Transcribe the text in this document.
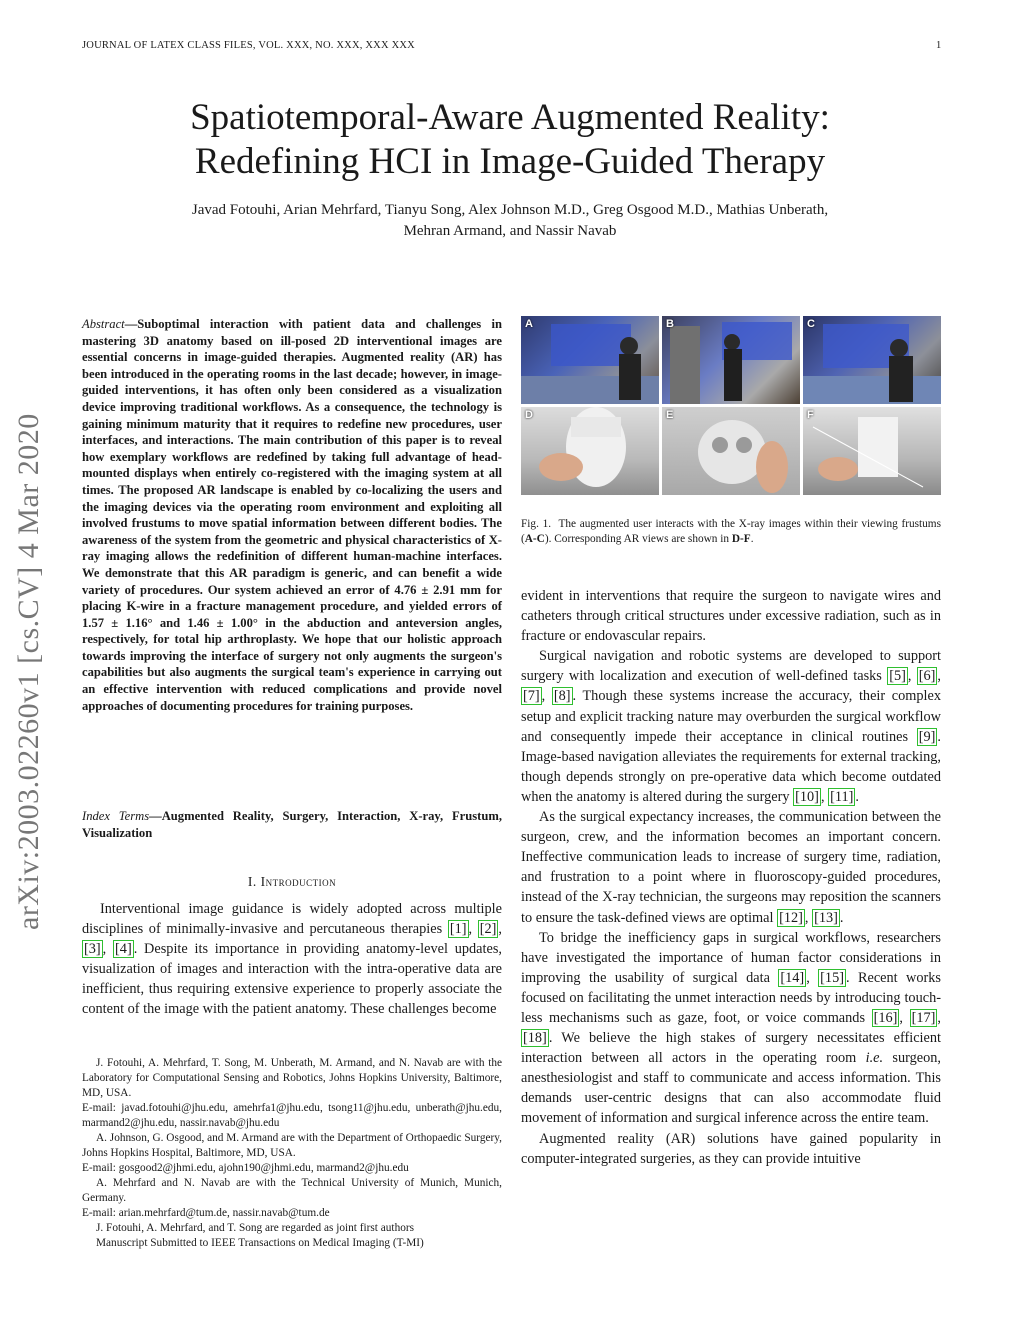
JOURNAL OF LATEX CLASS FILES, VOL. XXX, NO. XXX, XXX XXX	1
Spatiotemporal-Aware Augmented Reality:
Redefining HCI in Image-Guided Therapy
Javad Fotouhi, Arian Mehrfard, Tianyu Song, Alex Johnson M.D., Greg Osgood M.D., Mathias Unberath,
Mehran Armand, and Nassir Navab
arXiv:2003.02260v1 [cs.CV] 4 Mar 2020
Abstract—Suboptimal interaction with patient data and challenges in mastering 3D anatomy based on ill-posed 2D interventional images are essential concerns in image-guided therapies. Augmented reality (AR) has been introduced in the operating rooms in the last decade; however, in image-guided interventions, it has often only been considered as a visualization device improving traditional workflows. As a consequence, the technology is gaining minimum maturity that it requires to redefine new procedures, user interfaces, and interactions. The main contribution of this paper is to reveal how exemplary workflows are redefined by taking full advantage of head-mounted displays when entirely co-registered with the imaging system at all times. The proposed AR landscape is enabled by co-localizing the users and the imaging devices via the operating room environment and exploiting all involved frustums to move spatial information between different bodies. The awareness of the system from the geometric and physical characteristics of X-ray imaging allows the redefinition of different human-machine interfaces. We demonstrate that this AR paradigm is generic, and can benefit a wide variety of procedures. Our system achieved an error of 4.76 ± 2.91 mm for placing K-wire in a fracture management procedure, and yielded errors of 1.57 ± 1.16° and 1.46 ± 1.00° in the abduction and anteversion angles, respectively, for total hip arthroplasty. We hope that our holistic approach towards improving the interface of surgery not only augments the surgeon's capabilities but also augments the surgical team's experience in carrying out an effective intervention with reduced complications and provide novel approaches of documenting procedures for training purposes.
Index Terms—Augmented Reality, Surgery, Interaction, X-ray, Frustum, Visualization
I. Introduction

Interventional image guidance is widely adopted across multiple disciplines of minimally-invasive and percutaneous therapies [1] , [2] , [3] , [4] . Despite its importance in providing anatomy-level updates, visualization of images and interaction with the intra-operative data are inefficient, thus requiring extensive experience to properly associate the content of the image with the patient anatomy. These challenges become

J. Fotouhi, A. Mehrfard, T. Song, M. Unberath, M. Armand, and N. Navab are with the Laboratory for Computational Sensing and Robotics, Johns Hopkins University, Baltimore, MD, USA.

E-mail: javad.fotouhi@jhu.edu, amehrfa1@jhu.edu, tsong11@jhu.edu, unberath@jhu.edu, marmand2@jhu.edu, nassir.navab@jhu.edu

A. Johnson, G. Osgood, and M. Armand are with the Department of Orthopaedic Surgery, Johns Hopkins Hospital, Baltimore, MD, USA.

E-mail: gosgood2@jhmi.edu, ajohn190@jhmi.edu, marmand2@jhu.edu

A. Mehrfard and N. Navab are with the Technical University of Munich, Munich, Germany.

E-mail: arian.mehrfard@tum.de, nassir.navab@tum.de

J. Fotouhi, A. Mehrfard, and T. Song are regarded as joint first authors

Manuscript Submitted to IEEE Transactions on Medical Imaging (T-MI)

A	B	C
D	E	F
Fig. 1. The augmented user interacts with the X-ray images within their viewing frustums (A-C). Corresponding AR views are shown in D-F.

evident in interventions that require the surgeon to navigate wires and catheters through critical structures under excessive radiation, such as in fracture or endovascular repairs.

Surgical navigation and robotic systems are developed to support surgery with localization and execution of well-defined tasks [5] , [6] , [7] , [8] . Though these systems increase the accuracy, their complex setup and explicit tracking nature may overburden the surgical workflow and consequently impede their acceptance in clinical routines [9] . Image-based navigation alleviates the requirements for external tracking, though depends strongly on pre-operative data which become outdated when the anatomy is altered during the surgery [10] , [11] .

As the surgical expectancy increases, the communication between the surgeon, crew, and the information becomes an important concern. Ineffective communication leads to increase of surgery time, radiation, and frustration to a point where in fluoroscopy-guided procedures, instead of the X-ray technician, the surgeons may reposition the scanners to ensure the task-defined views are optimal [12] , [13] .

To bridge the inefficiency gaps in surgical workflows, researchers have investigated the importance of human factor considerations in improving the usability of surgical data [14] , [15] . Recent works focused on facilitating the unmet interaction needs by introducing touch-less mechanisms such as gaze, foot, or voice commands [16] , [17] , [18] . We believe the high stakes of surgery necessitates efficient interaction between all actors in the operating room i.e. surgeon, anesthesiologist and staff to communicate and access information. This demands user-centric designs that can also accommodate fluid movement of information and surgical inference across the entire team.

Augmented reality (AR) solutions have gained popularity in computer-integrated surgeries, as they can provide intuitive
